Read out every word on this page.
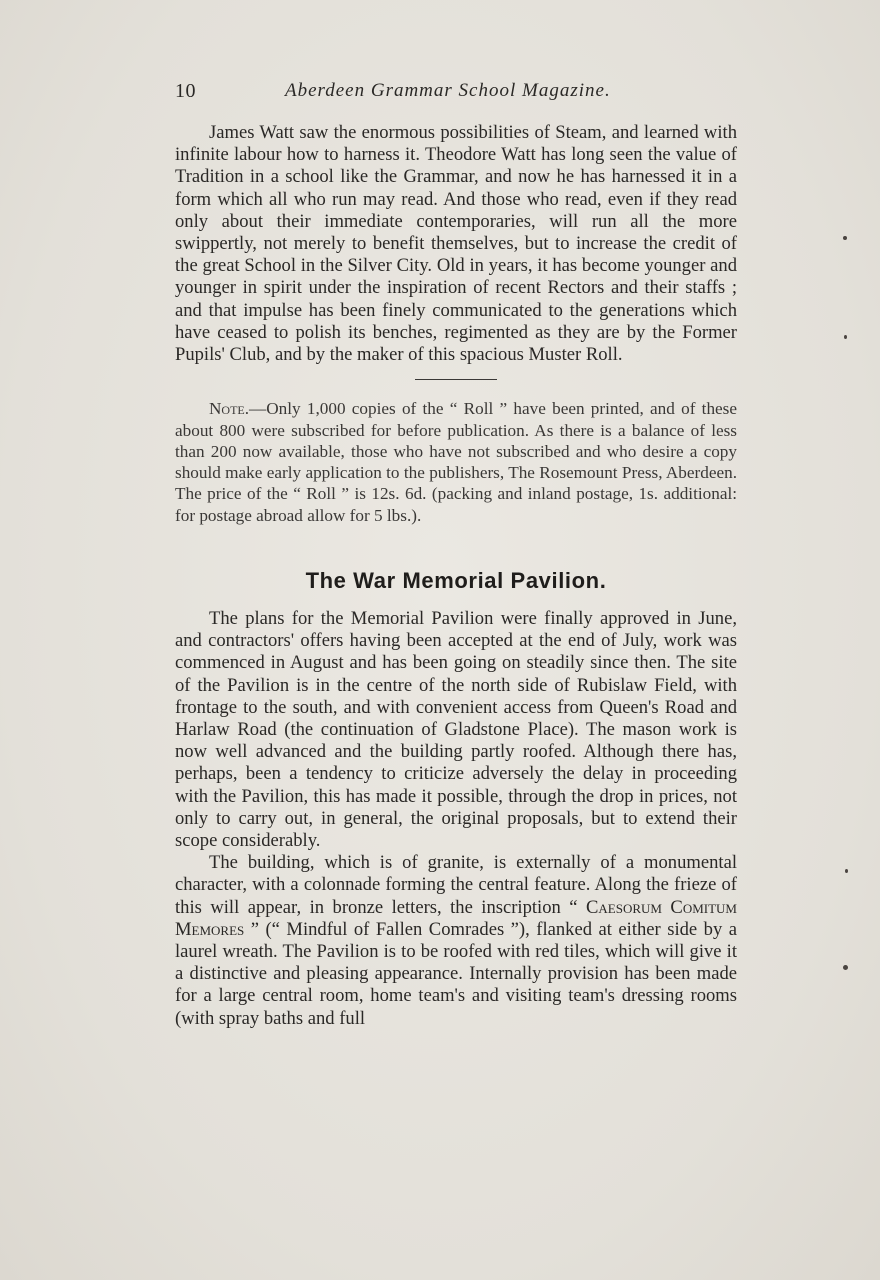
10	Aberdeen Grammar School Magazine.

James Watt saw the enormous possibilities of Steam, and learned with infinite labour how to harness it. Theodore Watt has long seen the value of Tradition in a school like the Grammar, and now he has harnessed it in a form which all who run may read. And those who read, even if they read only about their immediate contemporaries, will run all the more swippertly, not merely to benefit themselves, but to increase the credit of the great School in the Silver City. Old in years, it has become younger and younger in spirit under the inspiration of recent Rectors and their staffs ; and that impulse has been finely communicated to the generations which have ceased to polish its benches, regimented as they are by the Former Pupils' Club, and by the maker of this spacious Muster Roll.

Note.—Only 1,000 copies of the “ Roll ” have been printed, and of these about 800 were subscribed for before publication. As there is a balance of less than 200 now available, those who have not subscribed and who desire a copy should make early application to the publishers, The Rosemount Press, Aberdeen. The price of the “ Roll ” is 12s. 6d. (packing and inland postage, 1s. additional: for postage abroad allow for 5 lbs.).

The War Memorial Pavilion.

The plans for the Memorial Pavilion were finally approved in June, and contractors' offers having been accepted at the end of July, work was commenced in August and has been going on steadily since then. The site of the Pavilion is in the centre of the north side of Rubislaw Field, with frontage to the south, and with convenient access from Queen's Road and Harlaw Road (the continuation of Gladstone Place). The mason work is now well advanced and the building partly roofed. Although there has, perhaps, been a tendency to criticize adversely the delay in proceeding with the Pavilion, this has made it possible, through the drop in prices, not only to carry out, in general, the original proposals, but to extend their scope considerably.

The building, which is of granite, is externally of a monumental character, with a colonnade forming the central feature. Along the frieze of this will appear, in bronze letters, the inscription “ Caesorum Comitum Memores ” (“ Mindful of Fallen Comrades ”), flanked at either side by a laurel wreath. The Pavilion is to be roofed with red tiles, which will give it a distinctive and pleasing appearance. Internally provision has been made for a large central room, home team's and visiting team's dressing rooms (with spray baths and full
